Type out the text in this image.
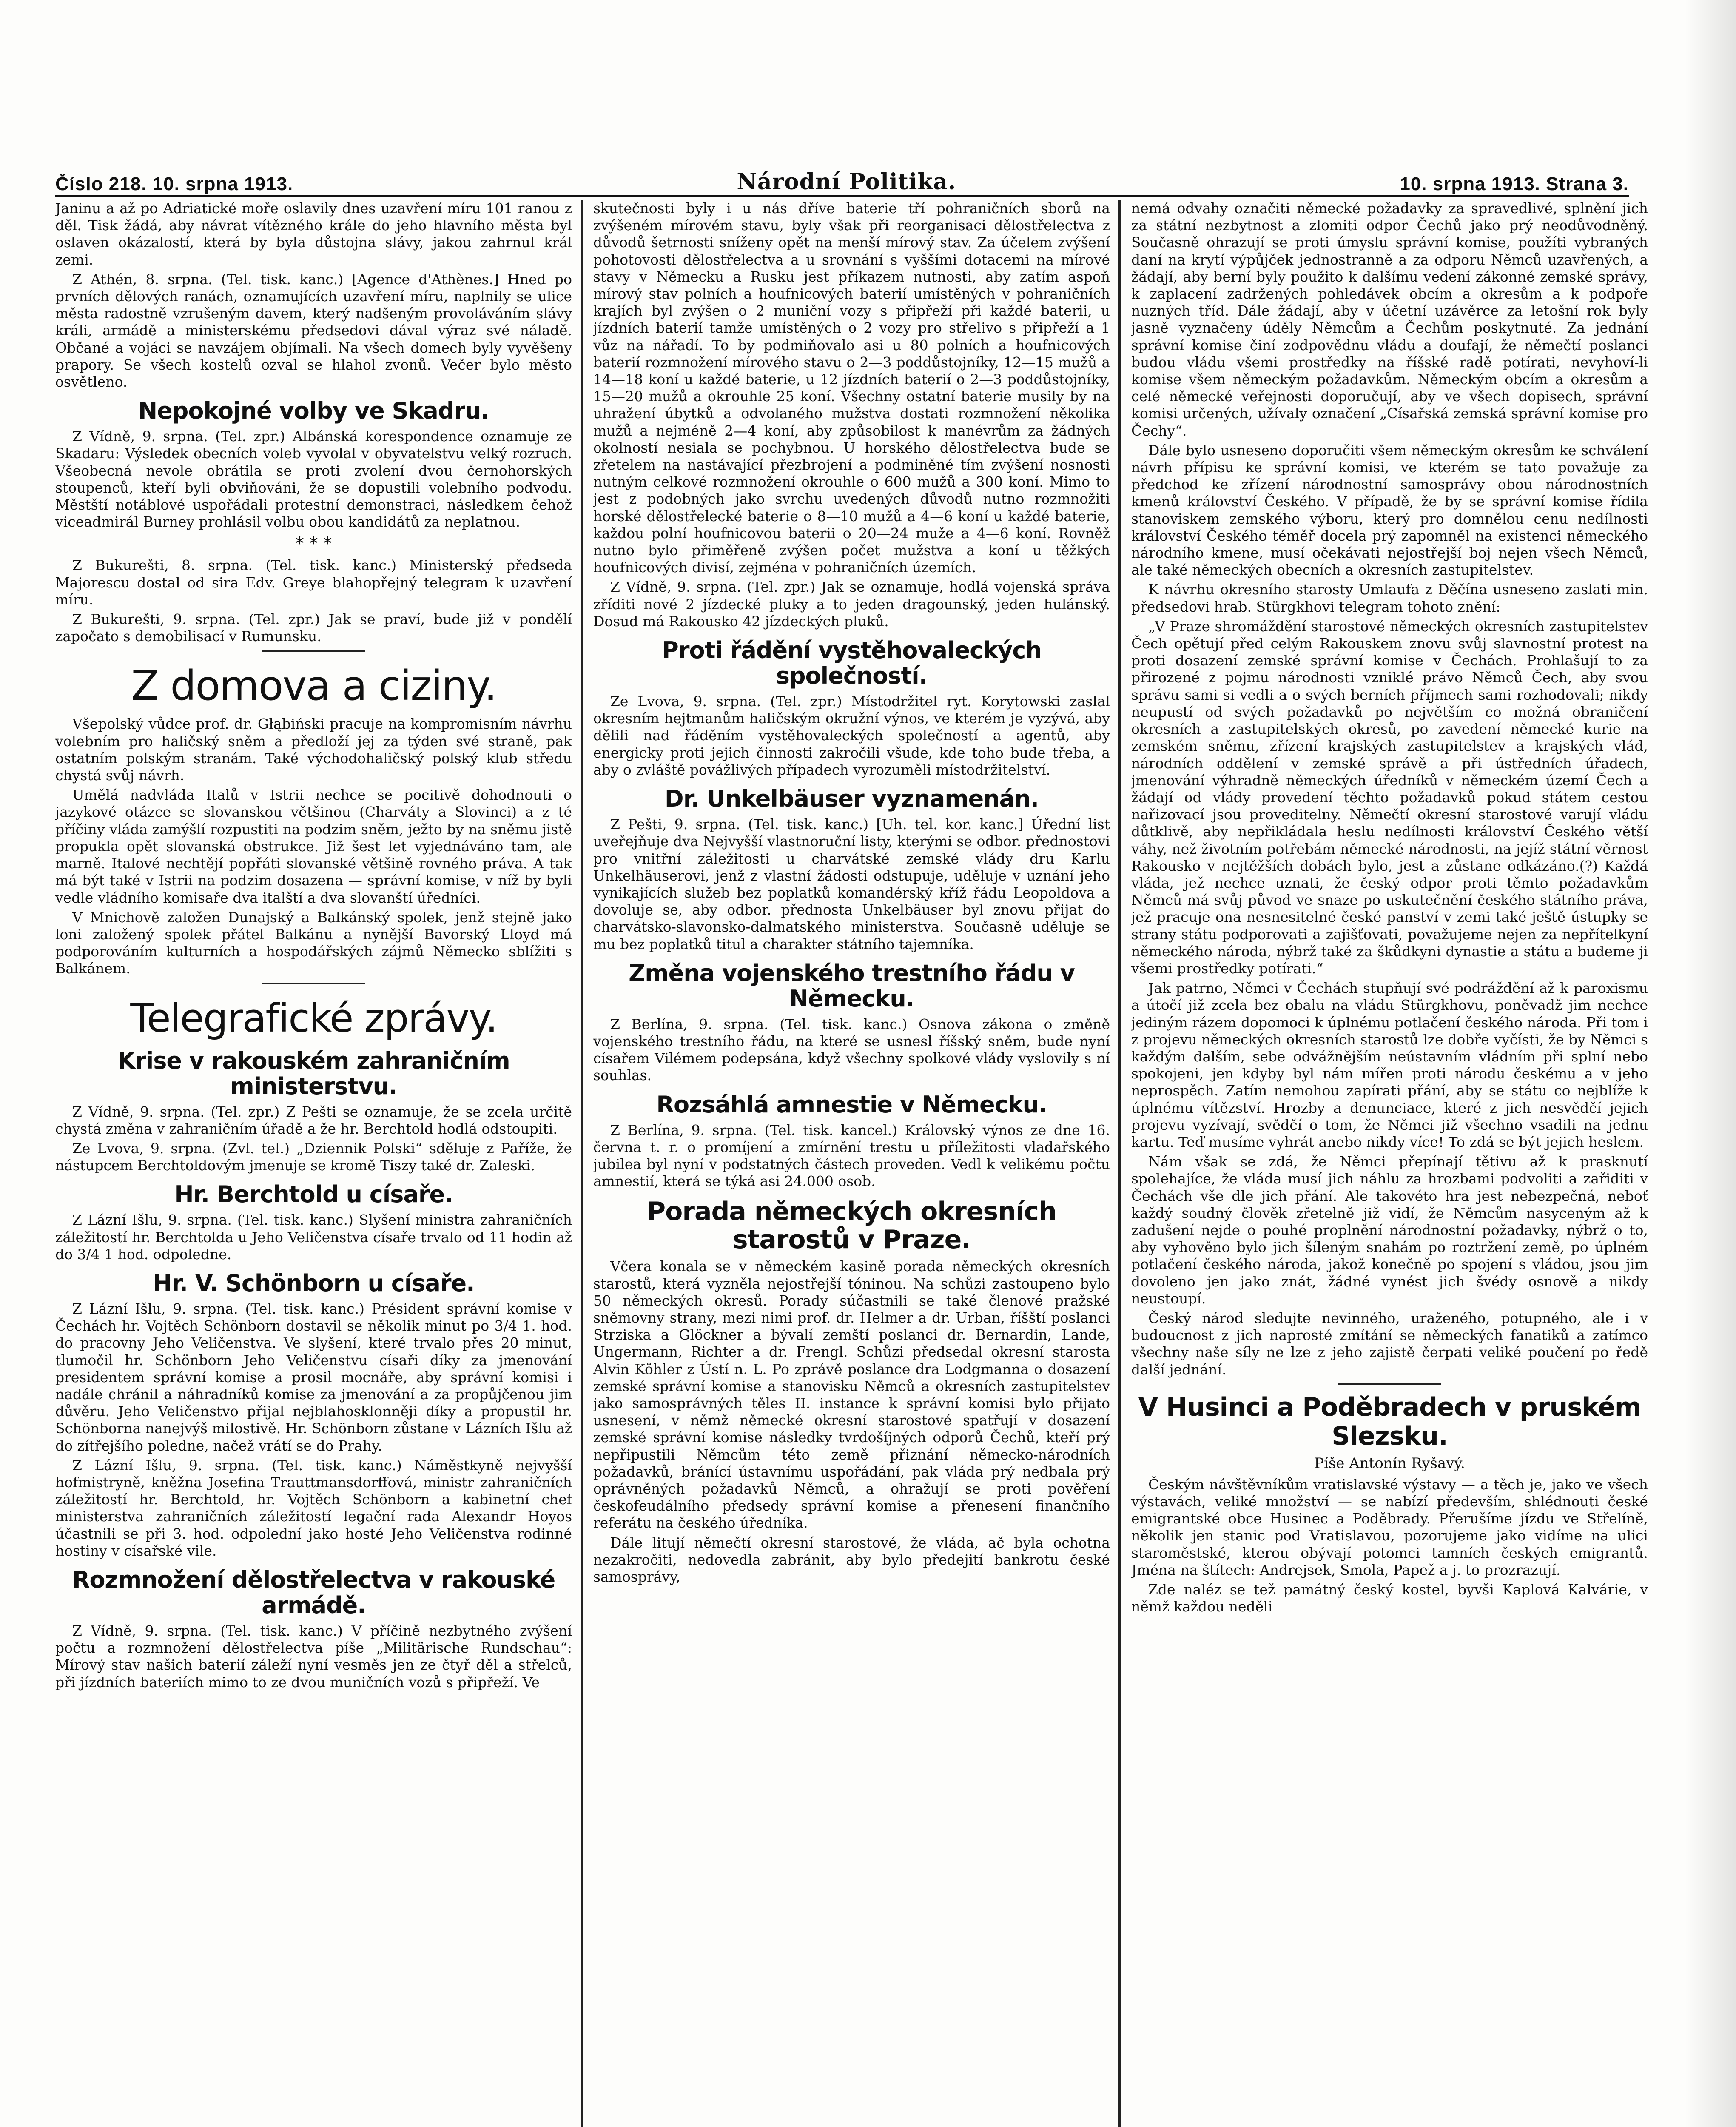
Číslo 218. 10. srpna 1913.	Národní Politika.	10. srpna 1913. Strana 3.

Janinu a až po Adriatické moře oslavily dnes uzavření míru 101 ranou z děl. Tisk žádá, aby návrat vítězného krále do jeho hlavního města byl oslaven okázalostí, která by byla důstojna slávy, jakou zahrnul král zemi.

Z Athén, 8. srpna. (Tel. tisk. kanc.) [Agence d'Athènes.] Hned po prvních dělových ranách, oznamujících uzavření míru, naplnily se ulice města radostně vzrušeným davem, který nadšeným provoláváním slávy králi, armádě a ministerskému předsedovi dával výraz své náladě. Občané a vojáci se navzájem objímali. Na všech domech byly vyvěšeny prapory. Se všech kostelů ozval se hlahol zvonů. Večer bylo město osvětleno.

Nepokojné volby ve Skadru.

Z Vídně, 9. srpna. (Tel. zpr.) Albánská korespondence oznamuje ze Skadaru: Výsledek obecních voleb vyvolal v obyvatelstvu velký rozruch. Všeobecná nevole obrátila se proti zvolení dvou černohorských stoupenců, kteří byli obviňováni, že se dopustili volebního podvodu. Městští notáblové uspořádali protestní demonstraci, následkem čehož viceadmirál Burney prohlásil volbu obou kandidátů za neplatnou.

* * *

Z Bukurešti, 8. srpna. (Tel. tisk. kanc.) Ministerský předseda Majorescu dostal od sira Edv. Greye blahopřejný telegram k uzavření míru.

Z Bukurešti, 9. srpna. (Tel. zpr.) Jak se praví, bude již v pondělí započato s demobilisací v Rumunsku.

Z domova a ciziny.

Všepolský vůdce prof. dr. Głąbiński pracuje na kompromisním návrhu volebním pro haličský sněm a předloží jej za týden své straně, pak ostatním polským stranám. Také východohaličský polský klub středu chystá svůj návrh.

Umělá nadvláda Italů v Istrii nechce se pocitivě dohodnouti o jazykové otázce se slovanskou většinou (Charváty a Slovinci) a z té příčiny vláda zamýšlí rozpustiti na podzim sněm, ježto by na sněmu jistě propukla opět slovanská obstrukce. Již šest let vyjednáváno tam, ale marně. Italové nechtějí popřáti slovanské většině rovného práva. A tak má být také v Istrii na podzim dosazena — správní komise, v níž by byli vedle vládního komisaře dva italští a dva slovanští úředníci.

V Mnichově založen Dunajský a Balkánský spolek, jenž stejně jako loni založený spolek přátel Balkánu a nynější Bavorský Lloyd má podporováním kulturních a hospodářských zájmů Německo sblížiti s Balkánem.

Telegrafické zprávy.
Krise v rakouském zahraničním ministerstvu.

Z Vídně, 9. srpna. (Tel. zpr.) Z Pešti se oznamuje, že se zcela určitě chystá změna v zahraničním úřadě a že hr. Berchtold hodlá odstoupiti.

Ze Lvova, 9. srpna. (Zvl. tel.) „Dziennik Polski“ sděluje z Paříže, že nástupcem Berchtoldovým jmenuje se kromě Tiszy také dr. Zaleski.

Hr. Berchtold u císaře.

Z Lázní Išlu, 9. srpna. (Tel. tisk. kanc.) Slyšení ministra zahraničních záležitostí hr. Berchtolda u Jeho Veličenstva císaře trvalo od 11 hodin až do 3/4 1 hod. odpoledne.

Hr. V. Schönborn u císaře.

Z Lázní Išlu, 9. srpna. (Tel. tisk. kanc.) Président správní komise v Čechách hr. Vojtěch Schönborn dostavil se několik minut po 3/4 1. hod. do pracovny Jeho Veličenstva. Ve slyšení, které trvalo přes 20 minut, tlumočil hr. Schönborn Jeho Veličenstvu císaři díky za jmenování presidentem správní komise a prosil mocnáře, aby správní komisi i nadále chránil a náhradníků komise za jmenování a za propůjčenou jim důvěru. Jeho Veličenstvo přijal nejblahosklonněji díky a propustil hr. Schönborna nanejvýš milostivě. Hr. Schönborn zůstane v Lázních Išlu až do zítřejšího poledne, načež vrátí se do Prahy.

Z Lázní Išlu, 9. srpna. (Tel. tisk. kanc.) Náměstkyně nejvyšší hofmistryně, kněžna Josefina Trauttmansdorffová, ministr zahraničních záležitostí hr. Berchtold, hr. Vojtěch Schönborn a kabinetní chef ministerstva zahraničních záležitostí legační rada Alexandr Hoyos účastnili se při 3. hod. odpolední jako hosté Jeho Veličenstva rodinné hostiny v císařské vile.

Rozmnožení dělostřelectva v rakouské armádě.

Z Vídně, 9. srpna. (Tel. tisk. kanc.) V příčině nezbytného zvýšení počtu a rozmnožení dělostřelectva píše „Militärische Rundschau“: Mírový stav našich baterií záleží nyní vesměs jen ze čtyř děl a střelců, při jízdních bateriích mimo to ze dvou muničních vozů s připřeží. Ve

skutečnosti byly i u nás dříve baterie tří pohraničních sborů na zvýšeném mírovém stavu, byly však při reorganisaci dělostřelectva z důvodů šetrnosti sníženy opět na menší mírový stav. Za účelem zvýšení pohotovosti dělostřelectva a u srovnání s vyššími dotacemi na mírové stavy v Německu a Rusku jest příkazem nutnosti, aby zatím aspoň mírový stav polních a houfnicových baterií umístěných v pohraničních krajích byl zvýšen o 2 muniční vozy s připřeží při každé baterii, u jízdních baterií tamže umístěných o 2 vozy pro střelivo s připřeží a 1 vůz na nářadí. To by podmiňovalo asi u 80 polních a houfnicových baterií rozmnožení mírového stavu o 2—3 poddůstojníky, 12—15 mužů a 14—18 koní u každé baterie, u 12 jízdních baterií o 2—3 poddůstojníky, 15—20 mužů a okrouhle 25 koní. Všechny ostatní baterie musily by na uhražení úbytků a odvolaného mužstva dostati rozmnožení několika mužů a nejméně 2—4 koní, aby způsobilost k manévrům za žádných okolností nesiala se pochybnou. U horského dělostřelectva bude se zřetelem na nastávající přezbrojení a podminěné tím zvýšení nosnosti nutným celkové rozmnožení okrouhle o 600 mužů a 300 koní. Mimo to jest z podobných jako svrchu uvedených důvodů nutno rozmnožiti horské dělostřelecké baterie o 8—10 mužů a 4—6 koní u každé baterie, každou polní houfnicovou baterii o 20—24 muže a 4—6 koní. Rovněž nutno bylo přiměřeně zvýšen počet mužstva a koní u těžkých houfnicových divisí, zejména v pohraničních územích.

Z Vídně, 9. srpna. (Tel. zpr.) Jak se oznamuje, hodlá vojenská správa zříditi nové 2 jízdecké pluky a to jeden dragounský, jeden hulánský. Dosud má Rakousko 42 jízdeckých pluků.

Proti řádění vystěhovaleckých společností.

Ze Lvova, 9. srpna. (Tel. zpr.) Místodržitel ryt. Korytowski zaslal okresním hejtmanům haličským okružní výnos, ve kterém je vyzývá, aby dělili nad řáděním vystěhovaleckých společností a agentů, aby energicky proti jejich činnosti zakročili všude, kde toho bude třeba, a aby o zvláště povážlivých případech vyrozuměli místodržitelství.

Dr. Unkelbäuser vyznamenán.

Z Pešti, 9. srpna. (Tel. tisk. kanc.) [Uh. tel. kor. kanc.] Úřední list uveřejňuje dva Nejvyšší vlastnoruční listy, kterými se odbor. přednostovi pro vnitřní záležitosti u charvátské zemské vlády dru Karlu Unkelhäuserovi, jenž z vlastní žádosti odstupuje, uděluje v uznání jeho vynikajících služeb bez poplatků komandérský kříž řádu Leopoldova a dovoluje se, aby odbor. přednosta Unkelbäuser byl znovu přijat do charvátsko-slavonsko-dalmatského ministerstva. Současně uděluje se mu bez poplatků titul a charakter státního tajemníka.

Změna vojenského trestního řádu v Německu.

Z Berlína, 9. srpna. (Tel. tisk. kanc.) Osnova zákona o změně vojenského trestního řádu, na které se usnesl říšský sněm, bude nyní císařem Vilémem podepsána, když všechny spolkové vlády vyslovily s ní souhlas.

Rozsáhlá amnestie v Německu.

Z Berlína, 9. srpna. (Tel. tisk. kancel.) Královský výnos ze dne 16. června t. r. o promíjení a zmírnění trestu u příležitosti vladařského jubilea byl nyní v podstatných částech proveden. Vedl k velikému počtu amnestií, která se týká asi 24.000 osob.

Porada německých okresních starostů v Praze.

Včera konala se v německém kasině porada německých okresních starostů, která vyzněla nejostřejší tóninou. Na schůzi zastoupeno bylo 50 německých okresů. Porady súčastnili se také členové pražské sněmovny strany, mezi nimi prof. dr. Helmer a dr. Urban, říšští poslanci Strziska a Glöckner a bývalí zemští poslanci dr. Bernardin, Lande, Ungermann, Richter a dr. Frengl. Schůzi předsedal okresní starosta Alvin Köhler z Ústí n. L. Po zprávě poslance dra Lodgmanna o dosazení zemské správní komise a stanovisku Němců a okresních zastupitelstev jako samosprávných těles II. instance k správní komisi bylo přijato usnesení, v němž německé okresní starostové spatřují v dosazení zemské správní komise následky tvrdošíjných odporů Čechů, kteří prý nepřipustili Němcům této země přiznání německo-národních požadavků, bránící ústavnímu uspořádání, pak vláda prý nedbala prý oprávněných požadavků Němců, a ohražují se proti pověření českofeudálního předsedy správní komise a přenesení finančního referátu na českého úředníka.

Dále litují němečtí okresní starostové, že vláda, ač byla ochotna nezakročiti, nedovedla zabránit, aby bylo předejití bankrotu české samosprávy,

nemá odvahy označiti německé požadavky za spravedlivé, splnění jich za státní nezbytnost a zlomiti odpor Čechů jako prý neodůvodněný. Současně ohrazují se proti úmyslu správní komise, použíti vybraných daní na krytí výpůjček jednostranně a za odporu Němců uzavřených, a žádají, aby berní byly použito k dalšímu vedení zákonné zemské správy, k zaplacení zadržených pohledávek obcím a okresům a k podpoře nuzných tříd. Dále žádají, aby v účetní uzávěrce za letošní rok byly jasně vyznačeny úděly Němcům a Čechům poskytnuté. Za jednání správní komise činí zodpovědnu vládu a doufají, že němečtí poslanci budou vládu všemi prostředky na říšské radě potírati, nevyhoví-li komise všem německým požadavkům. Německým obcím a okresům a celé německé veřejnosti doporučují, aby ve všech dopisech, správní komisi určených, užívaly označení „Císařská zemská správní komise pro Čechy“.

Dále bylo usneseno doporučiti všem německým okresům ke schválení návrh přípisu ke správní komisi, ve kterém se tato považuje za předchod ke zřízení národnostní samosprávy obou národnostních kmenů království Českého. V případě, že by se správní komise řídila stanoviskem zemského výboru, který pro domnělou cenu nedílnosti království Českého téměř docela prý zapomněl na existenci německého národního kmene, musí očekávati nejostřejší boj nejen všech Němců, ale také německých obecních a okresních zastupitelstev.

K návrhu okresního starosty Umlaufa z Děčína usneseno zaslati min. předsedovi hrab. Stürgkhovi telegram tohoto znění:

„V Praze shromáždění starostové německých okresních zastupitelstev Čech opětují před celým Rakouskem znovu svůj slavnostní protest na proti dosazení zemské správní komise v Čechách. Prohlašují to za přirozené z pojmu národnosti vzniklé právo Němců Čech, aby svou správu sami si vedli a o svých berních příjmech sami rozhodovali; nikdy neupustí od svých požadavků po největším co možná obraničení okresních a zastupitelských okresů, po zavedení německé kurie na zemském sněmu, zřízení krajských zastupitelstev a krajských vlád, národních oddělení v zemské správě a při ústředních úřadech, jmenování výhradně německých úředníků v německém území Čech a žádají od vlády provedení těchto požadavků pokud státem cestou nařizovací jsou proveditelny. Němečtí okresní starostové varují vládu důtklivě, aby nepřikládala heslu nedílnosti království Českého větší váhy, než životním potřebám německé národnosti, na jejíž státní věrnost Rakousko v nejtěžších dobách bylo, jest a zůstane odkázáno.(?) Každá vláda, jež nechce uznati, že český odpor proti těmto požadavkům Němců má svůj původ ve snaze po uskutečnění českého státního práva, jež pracuje ona nesnesitelné české panství v zemi také ještě ústupky se strany státu podporovati a zajišťovati, považujeme nejen za nepřítelkyní německého národa, nýbrž také za škůdkyni dynastie a státu a budeme ji všemi prostředky potírati.“

Jak patrno, Němci v Čechách stupňují své podráždění až k paroxismu a útočí již zcela bez obalu na vládu Stürgkhovu, poněvadž jim nechce jediným rázem dopomoci k úplnému potlačení českého národa. Při tom i z projevu německých okresních starostů lze dobře vyčísti, že by Němci s každým dalším, sebe odvážnějším neústavním vládním při splní nebo spokojeni, jen kdyby byl nám mířen proti národu českému a v jeho neprospěch. Zatím nemohou zapírati přání, aby se státu co nejblíže k úplnému vítězství. Hrozby a denunciace, které z jich nesvědčí jejich projevu vyzívají, svědčí o tom, že Němci již všechno vsadili na jednu kartu. Teď musíme vyhrát anebo nikdy více! To zdá se být jejich heslem.

Nám však se zdá, že Němci přepínají tětivu až k prasknutí spolehajíce, že vláda musí jich náhlu za hrozbami podvoliti a zařiditi v Čechách vše dle jich přání. Ale takovéto hra jest nebezpečná, neboť každý soudný člověk zřetelně již vidí, že Němcům nasyceným až k zadušení nejde o pouhé proplnění národnostní požadavky, nýbrž o to, aby vyhověno bylo jich šíleným snahám po roztržení země, po úplném potlačení českého národa, jakož konečně po spojení s vládou, jsou jim dovoleno jen jako znát, žádné vynést jich švédy osnově a nikdy neustoupí.

Český národ sledujte nevinného, uraženého, potupného, ale i v budoucnost z jich naprosté zmítání se německých fanatiků a zatímco všechny naše síly ne lze z jeho zajistě čerpati veliké poučení po ředě další jednání.

V Husinci a Poděbradech v pruském Slezsku.
Píše Antonín Ryšavý.

Českým návštěvníkům vratislavské výstavy — a těch je, jako ve všech výstavách, veliké množství — se nabízí především, shlédnouti české emigrantské obce Husinec a Poděbrady. Přerušíme jízdu ve Střelíně, několik jen stanic pod Vratislavou, pozorujeme jako vidíme na ulici staroměstské, kterou obývají potomci tamních českých emigrantů. Jména na štítech: Andrejsek, Smola, Papež a j. to prozrazují.

Zde naléz se tež památný český kostel, byvši Kaplová Kalvárie, v němž každou neděli
